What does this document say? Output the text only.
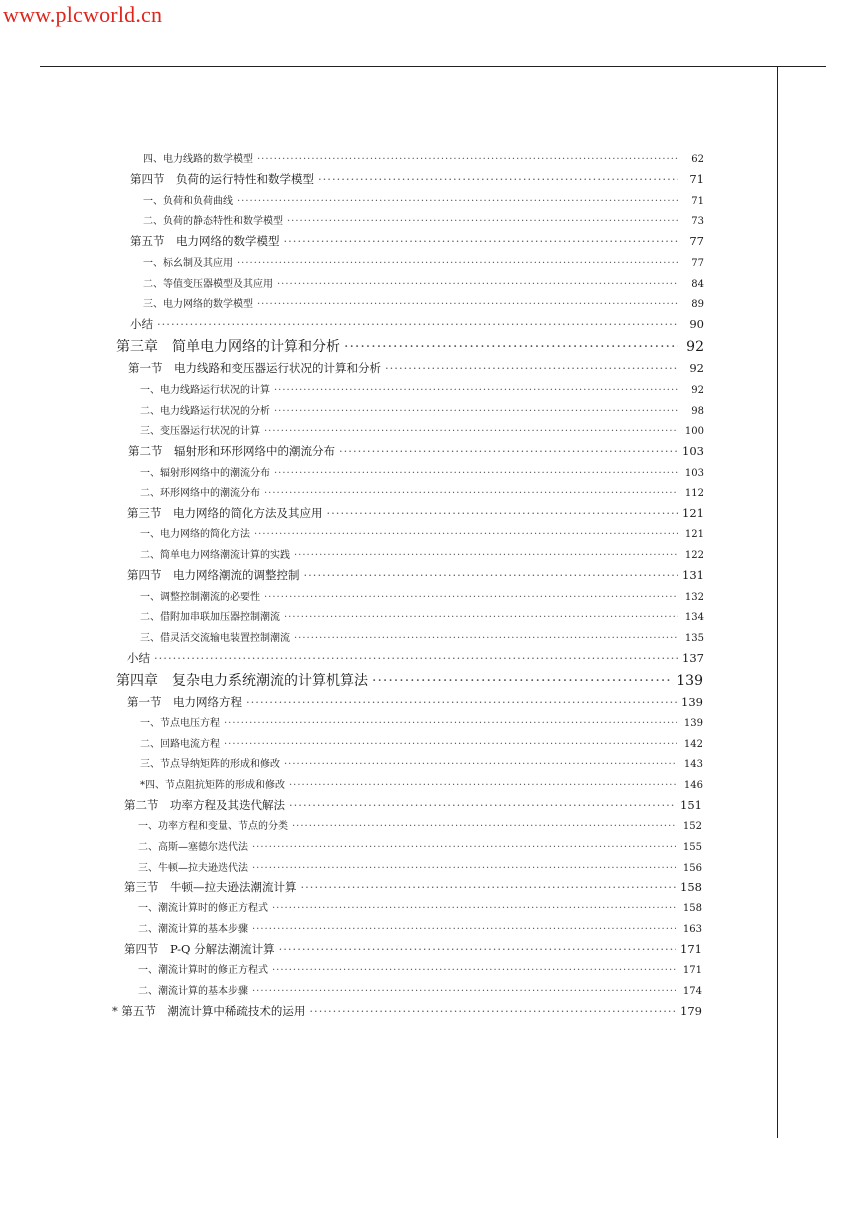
www.plcworld.cn
四、电力线路的数学模型 ·····	62
第四节　负荷的运行特性和数学模型 ·····	71
一、负荷和负荷曲线 ·····	71
二、负荷的静态特性和数学模型 ·····	73
第五节　电力网络的数学模型 ·····	77
一、标幺制及其应用 ·····	77
二、等值变压器模型及其应用 ·····	84
三、电力网络的数学模型 ·····	89
小结 ·····	90
第三章　简单电力网络的计算和分析 ·····	92
第一节　电力线路和变压器运行状况的计算和分析 ·····	92
一、电力线路运行状况的计算 ·····	92
二、电力线路运行状况的分析 ·····	98
三、变压器运行状况的计算 ·····	100
第二节　辐射形和环形网络中的潮流分布 ·····	103
一、辐射形网络中的潮流分布 ·····	103
二、环形网络中的潮流分布 ·····	112
第三节　电力网络的简化方法及其应用 ·····	121
一、电力网络的简化方法 ·····	121
二、简单电力网络潮流计算的实践 ·····	122
第四节　电力网络潮流的调整控制 ·····	131
一、调整控制潮流的必要性 ·····	132
二、借附加串联加压器控制潮流 ·····	134
三、借灵活交流输电装置控制潮流 ·····	135
小结 ·····	137
第四章　复杂电力系统潮流的计算机算法 ·····	139
第一节　电力网络方程 ·····	139
一、节点电压方程 ·····	139
二、回路电流方程 ·····	142
三、节点导纳矩阵的形成和修改 ·····	143
*四、节点阻抗矩阵的形成和修改 ·····	146
第二节　功率方程及其迭代解法 ·····	151
一、功率方程和变量、节点的分类 ·····	152
二、高斯—塞德尔迭代法 ·····	155
三、牛顿—拉夫逊迭代法 ·····	156
第三节　牛顿—拉夫逊法潮流计算 ·····	158
一、潮流计算时的修正方程式 ·····	158
二、潮流计算的基本步骤 ·····	163
第四节　P-Q 分解法潮流计算 ·····	171
一、潮流计算时的修正方程式 ·····	171
二、潮流计算的基本步骤 ·····	174
* 第五节　潮流计算中稀疏技术的运用 ·····	179
